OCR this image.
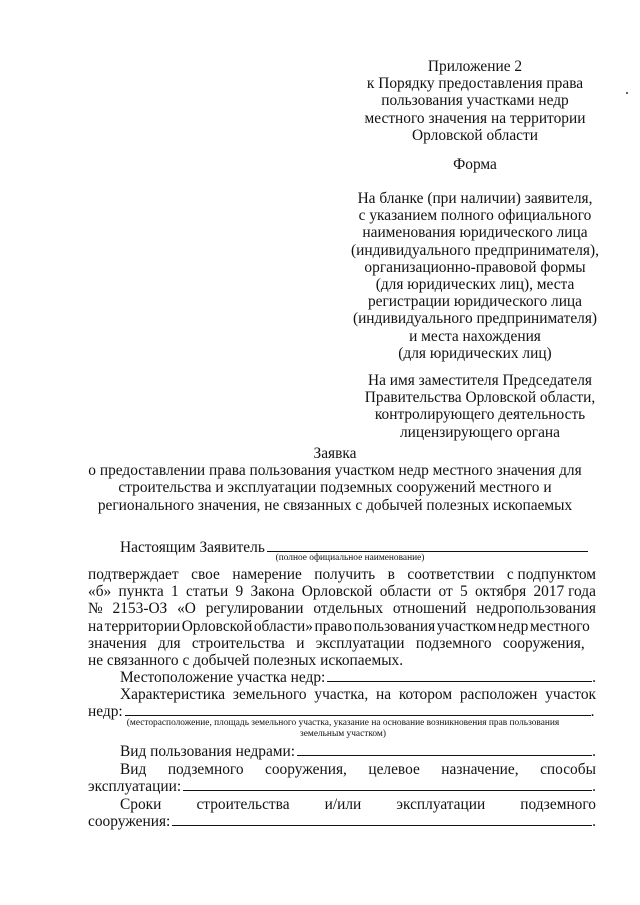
Приложение 2
к Порядку предоставления права
пользования участками недр
местного значения на территории
Орловской области
Форма
На бланке (при наличии) заявителя,
с указанием полного официального
наименования юридического лица
(индивидуального предпринимателя),
организационно-правовой формы
(для юридических лиц), места
регистрации юридического лица
(индивидуального предпринимателя)
и места нахождения
(для юридических лиц)
На имя заместителя Председателя
Правительства Орловской области,
контролирующего деятельность
лицензирующего органа
Заявка
о предоставлении права пользования участком недр местного значения для
строительства и эксплуатации подземных сооружений местного и
регионального значения, не связанных с добычей полезных ископаемых
Настоящим Заявитель
(полное официальное наименование)
подтверждает свое намерение получить в соответствии с подпунктом
«б» пункта 1 статьи 9 Закона Орловской области от 5 октября 2017 года
№ 2153-ОЗ «О регулировании отдельных отношений недропользования
на территории Орловской области» право пользования участком недр местного
значения для строительства и эксплуатации подземного сооружения,
не связанного с добычей полезных ископаемых.
Местоположение участка недр:	.
Характеристика земельного участка, на котором расположен участок
недр:	.
(месторасположение, площадь земельного участка, указание на основание возникновения прав пользования
земельным участком)
Вид пользования недрами:	.
Вид подземного сооружения, целевое назначение, способы
эксплуатации:	.
Сроки строительства и/или эксплуатации подземного
сооружения:	.
